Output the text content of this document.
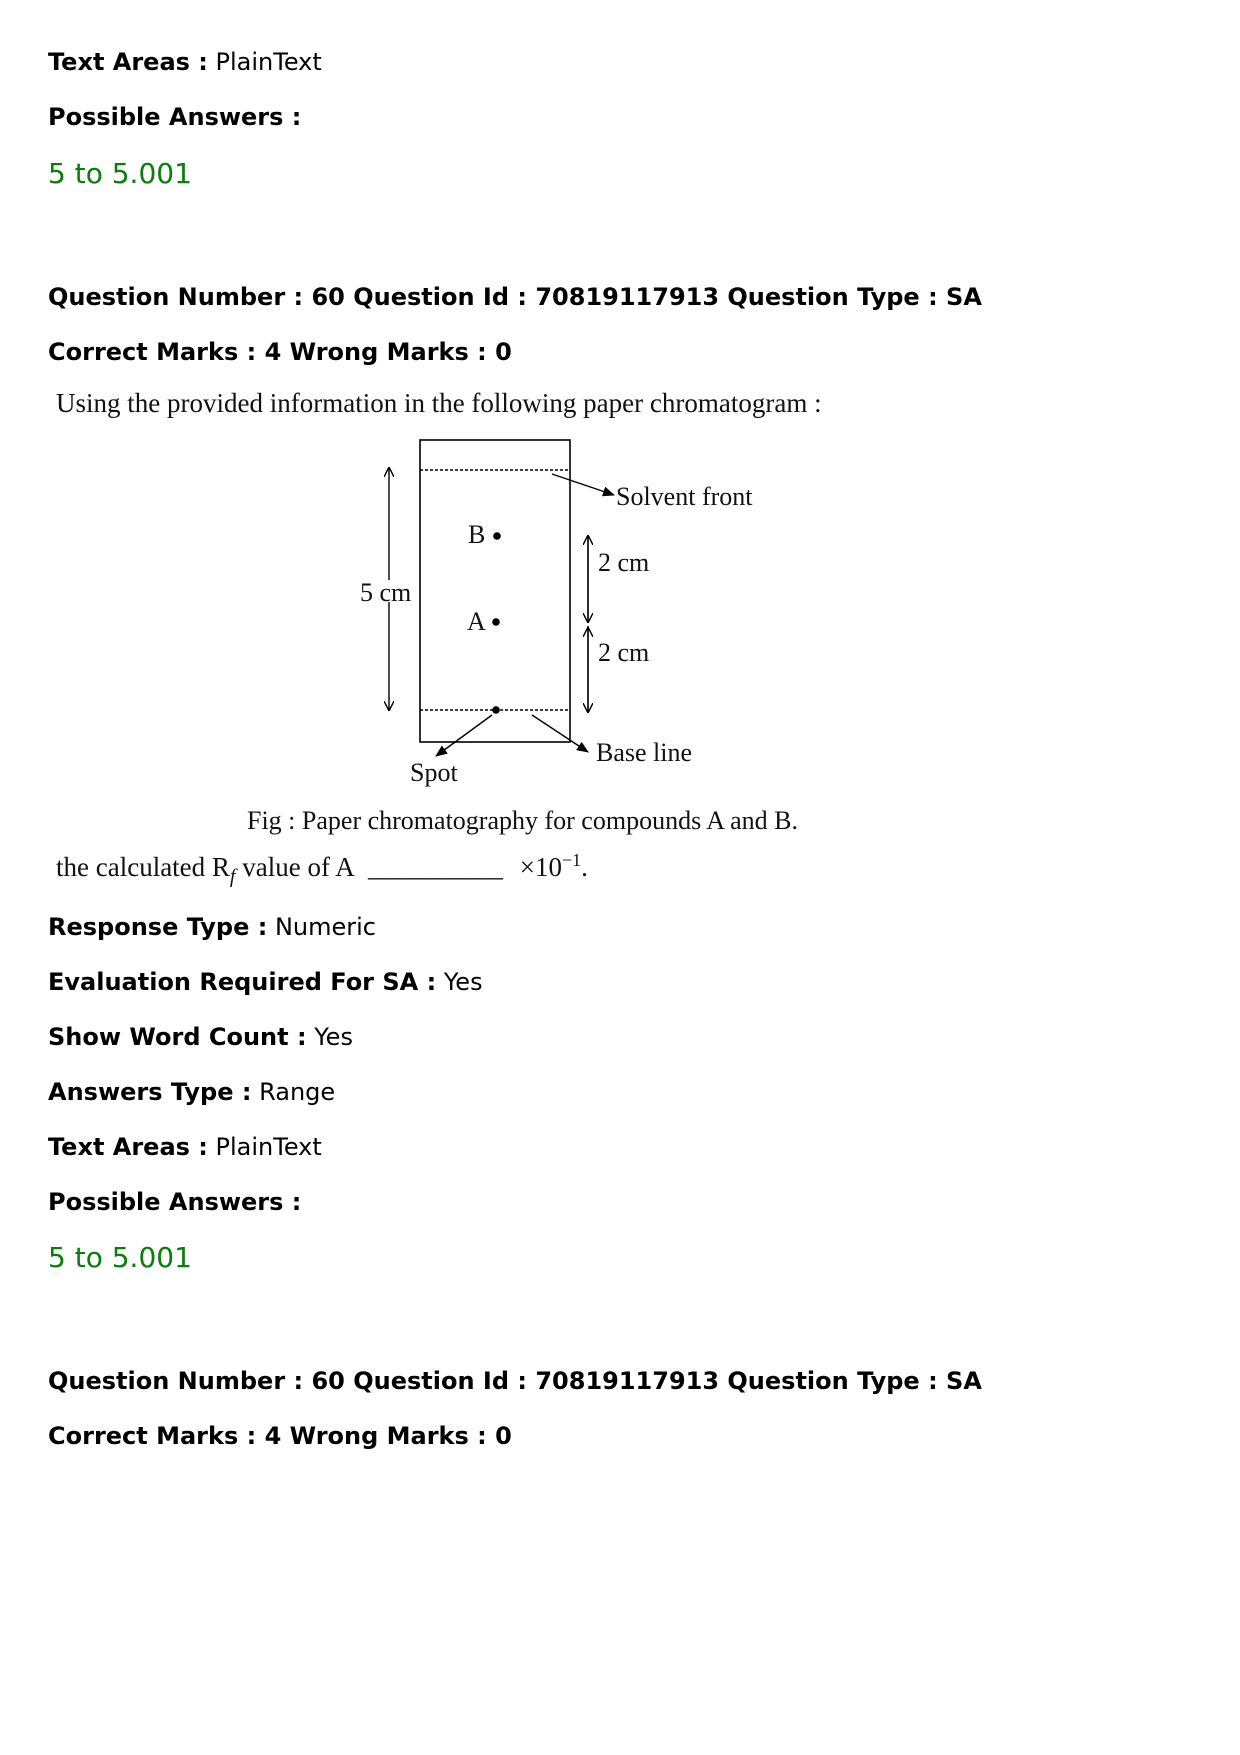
Text Areas : PlainText
Possible Answers :
5 to 5.001
Question Number : 60 Question Id : 70819117913 Question Type : SA
Correct Marks : 4 Wrong Marks : 0
Using the provided information in the following paper chromatogram :
Solvent front
B
A
5 cm
2 cm
2 cm
Base line
Spot
Fig : Paper chromatography for compounds A and B.
the calculated $R_f$ value of A __________ $\times 10^{-1}$.
Response Type : Numeric
Evaluation Required For SA : Yes
Show Word Count : Yes
Answers Type : Range
Text Areas : PlainText
Possible Answers :
5 to 5.001
Question Number : 60 Question Id : 70819117913 Question Type : SA
Correct Marks : 4 Wrong Marks : 0
